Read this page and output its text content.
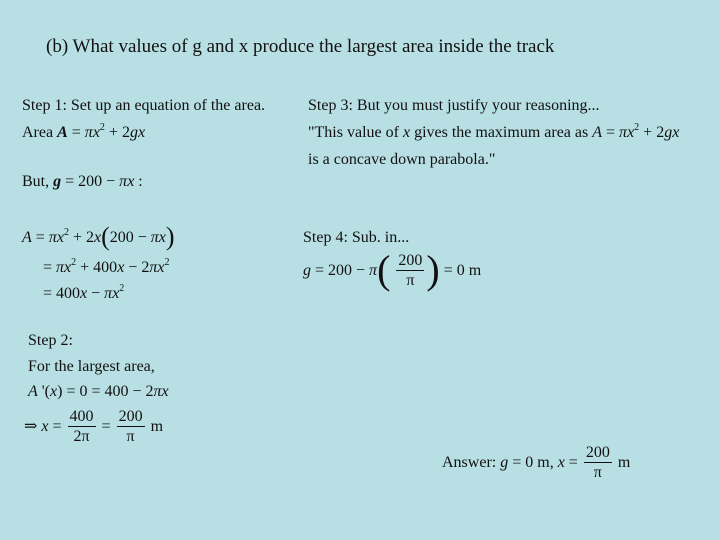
(b) What values of g and x produce the largest area inside the track
Step 1: Set up an equation of the area.
Area $A = \pi x^2 + 2gx$
But, g = 200 − πx :
$A = \pi x^2 + 2x(200 - \pi x)$
= $\pi x^2 + 400x - 2\pi x^2$
= $400x - \pi x^2$
Step 2:
For the largest area,
A '(x) = 0 = 400 − 2πx
⇒ $x = \frac{400}{2\pi} = \frac{200}{\pi}$ m
Step 3: But you must justify your reasoning...
"This value of x gives the maximum area as $A = \pi x^2 + 2gx$
is a concave down parabola."
Step 4: Sub. in...
$g = 200 - \pi( \frac{200}{\pi}$ ) = 0 m
Answer: g = 0 m, $x = \frac{200}{\pi}$ m
